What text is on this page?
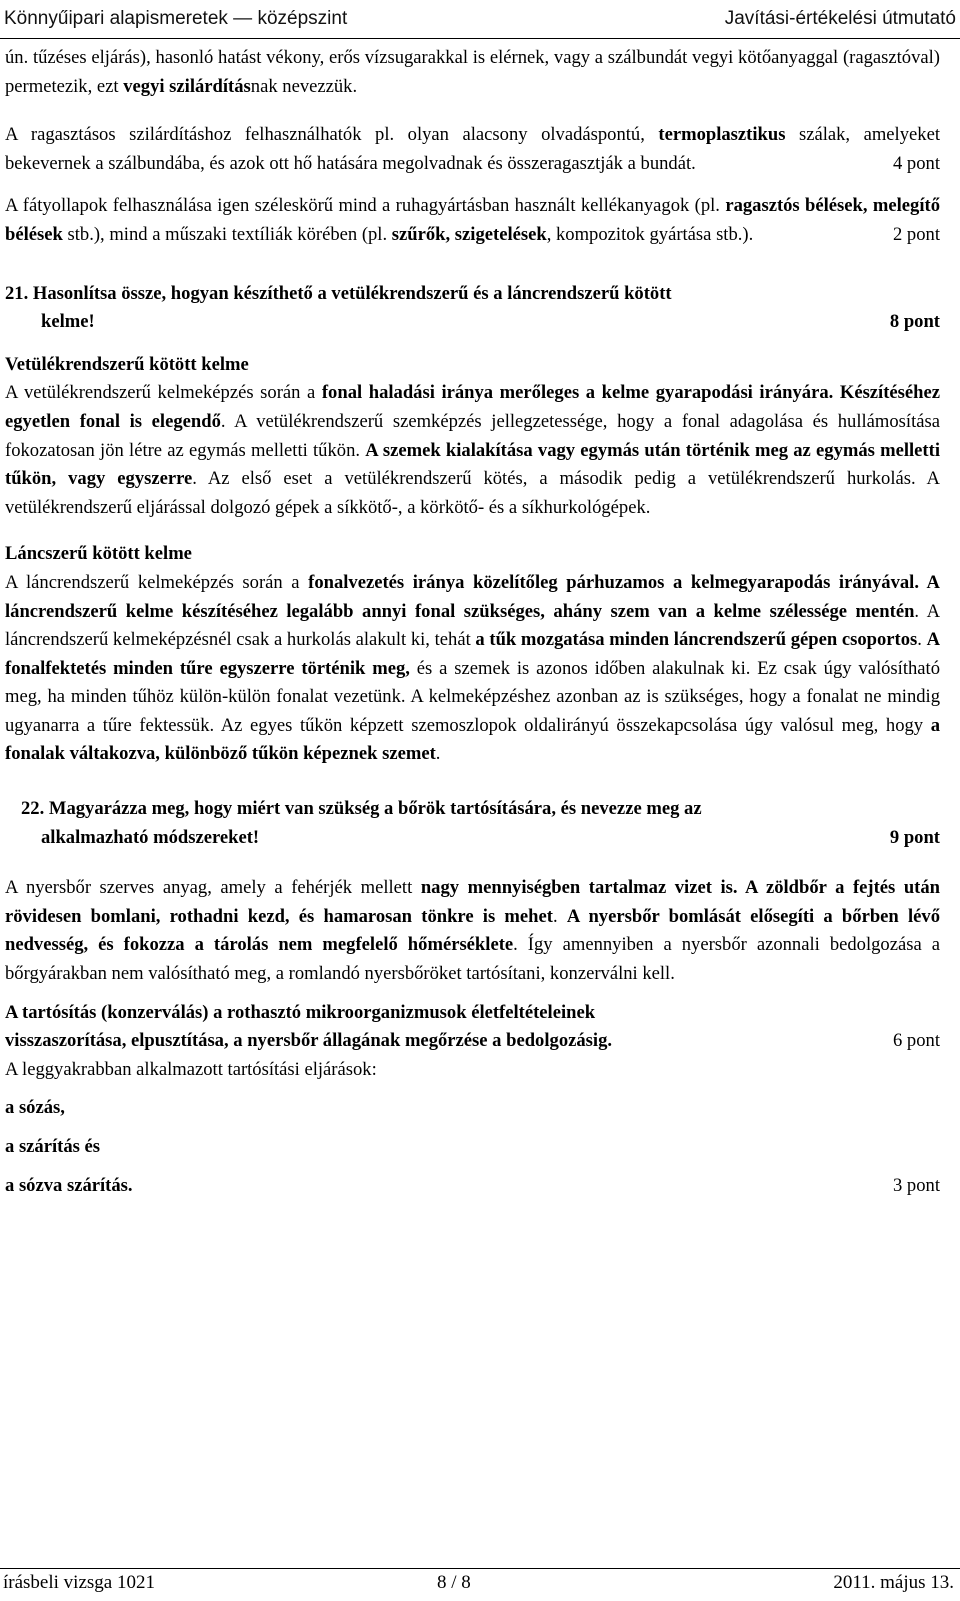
Könnyűipari alapismeretek — középszint	Javítási-értékelési útmutató

ún. tűzéses eljárás), hasonló hatást vékony, erős vízsugarakkal is elérnek, vagy a szálbundát vegyi kötőanyaggal (ragasztóval) permetezik, ezt vegyi szilárdításnak nevezzük.

A ragasztásos szilárdításhoz felhasználhatók pl. olyan alacsony olvadáspontú, termoplasztikus szálak, amelyeket bekevernek a szálbundába, és azok ott hő hatására megolvadnak és összeragasztják a bundát.	4 pont

A fátyollapok felhasználása igen széleskörű mind a ruhagyártásban használt kellékanyagok (pl. ragasztós bélések, melegítő bélések stb.), mind a műszaki textíliák körében (pl. szűrők, szigetelések, kompozitok gyártása stb.).	2 pont

21. Hasonlítsa össze, hogyan készíthető a vetülékrendszerű és a láncrendszerű kötött
kelme!	8 pont
Vetülékrendszerű kötött kelme

A vetülékrendszerű kelmeképzés során a fonal haladási iránya merőleges a kelme gyarapodási irányára. Készítéséhez egyetlen fonal is elegendő. A vetülékrendszerű szemképzés jellegzetessége, hogy a fonal adagolása és hullámosítása fokozatosan jön létre az egymás melletti tűkön. A szemek kialakítása vagy egymás után történik meg az egymás melletti tűkön, vagy egyszerre. Az első eset a vetülékrendszerű kötés, a második pedig a vetülékrendszerű hurkolás. A vetülékrendszerű eljárással dolgozó gépek a síkkötő-, a körkötő- és a síkhurkológépek.

Láncszerű kötött kelme

A láncrendszerű kelmeképzés során a fonalvezetés iránya közelítőleg párhuzamos a kelmegyarapodás irányával. A láncrendszerű kelme készítéséhez legalább annyi fonal szükséges, ahány szem van a kelme szélessége mentén. A láncrendszerű kelmeképzésnél csak a hurkolás alakult ki, tehát a tűk mozgatása minden láncrendszerű gépen csoportos. A fonalfektetés minden tűre egyszerre történik meg, és a szemek is azonos időben alakulnak ki. Ez csak úgy valósítható meg, ha minden tűhöz külön-külön fonalat vezetünk. A kelmeképzéshez azonban az is szükséges, hogy a fonalat ne mindig ugyanarra a tűre fektessük. Az egyes tűkön képzett szemoszlopok oldalirányú összekapcsolása úgy valósul meg, hogy a fonalak váltakozva, különböző tűkön képeznek szemet.

22. Magyarázza meg, hogy miért van szükség a bőrök tartósítására, és nevezze meg az
alkalmazható módszereket!	9 pont

A nyersbőr szerves anyag, amely a fehérjék mellett nagy mennyiségben tartalmaz vizet is. A zöldbőr a fejtés után rövidesen bomlani, rothadni kezd, és hamarosan tönkre is mehet. A nyersbőr bomlását elősegíti a bőrben lévő nedvesség, és fokozza a tárolás nem megfelelő hőmérséklete. Így amennyiben a nyersbőr azonnali bedolgozása a bőrgyárakban nem valósítható meg, a romlandó nyersbőröket tartósítani, konzerválni kell.

A tartósítás (konzerválás) a rothasztó mikroorganizmusok életfeltételeinek
visszaszorítása, elpusztítása, a nyersbőr állagának megőrzése a bedolgozásig.	6 pont
A leggyakrabban alkalmazott tartósítási eljárások:
a sózás,
a szárítás és
a sózva szárítás.	3 pont
írásbeli vizsga 1021	8 / 8	2011. május 13.
